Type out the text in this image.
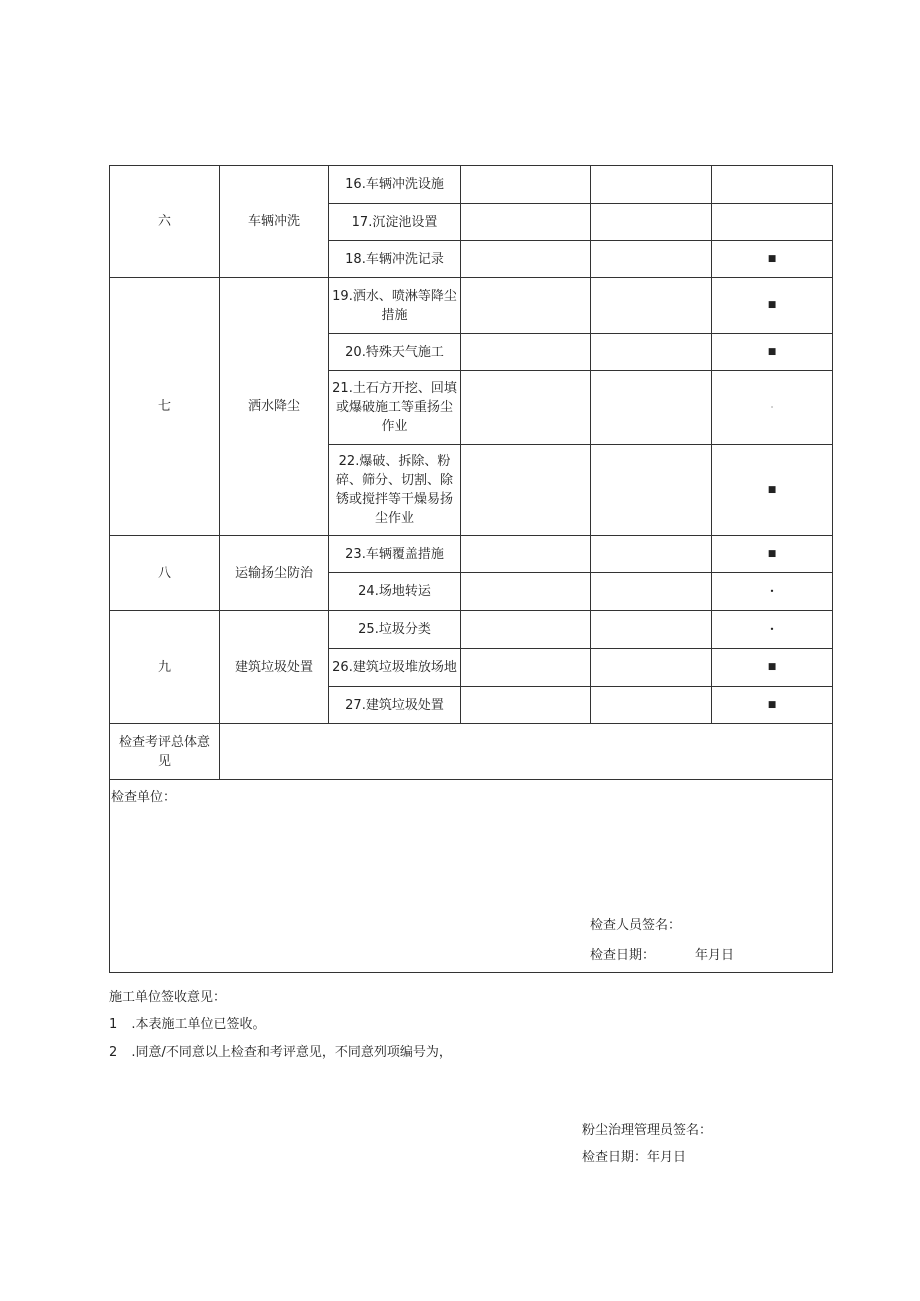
六	车辆冲洗	16.车辆冲洗设施			
		17.沉淀池设置			
		18.车辆冲洗记录			■
七	洒水降尘	19.洒水、喷淋等降尘措施			■
		20.特殊天气施工			■
		21.土石方开挖、回填或爆破施工等重扬尘作业			·
		22.爆破、拆除、粉碎、筛分、切割、除锈或搅拌等干燥易扬尘作业			■
八	运输扬尘防治	23.车辆覆盖措施			■
		24.场地转运			•
九	建筑垃圾处置	25.垃圾分类			•
		26.建筑垃圾堆放场地			■
		27.建筑垃圾处置			■
检查考评总体意见					

检查单位：
检查人员签名：
检查日期： 年月日					
施工单位签收意见：
1 .本表施工单位已签收。
2 .同意/不同意以上检查和考评意见，不同意列项编号为，
粉尘治理管理员签名：
检查日期：年月日
